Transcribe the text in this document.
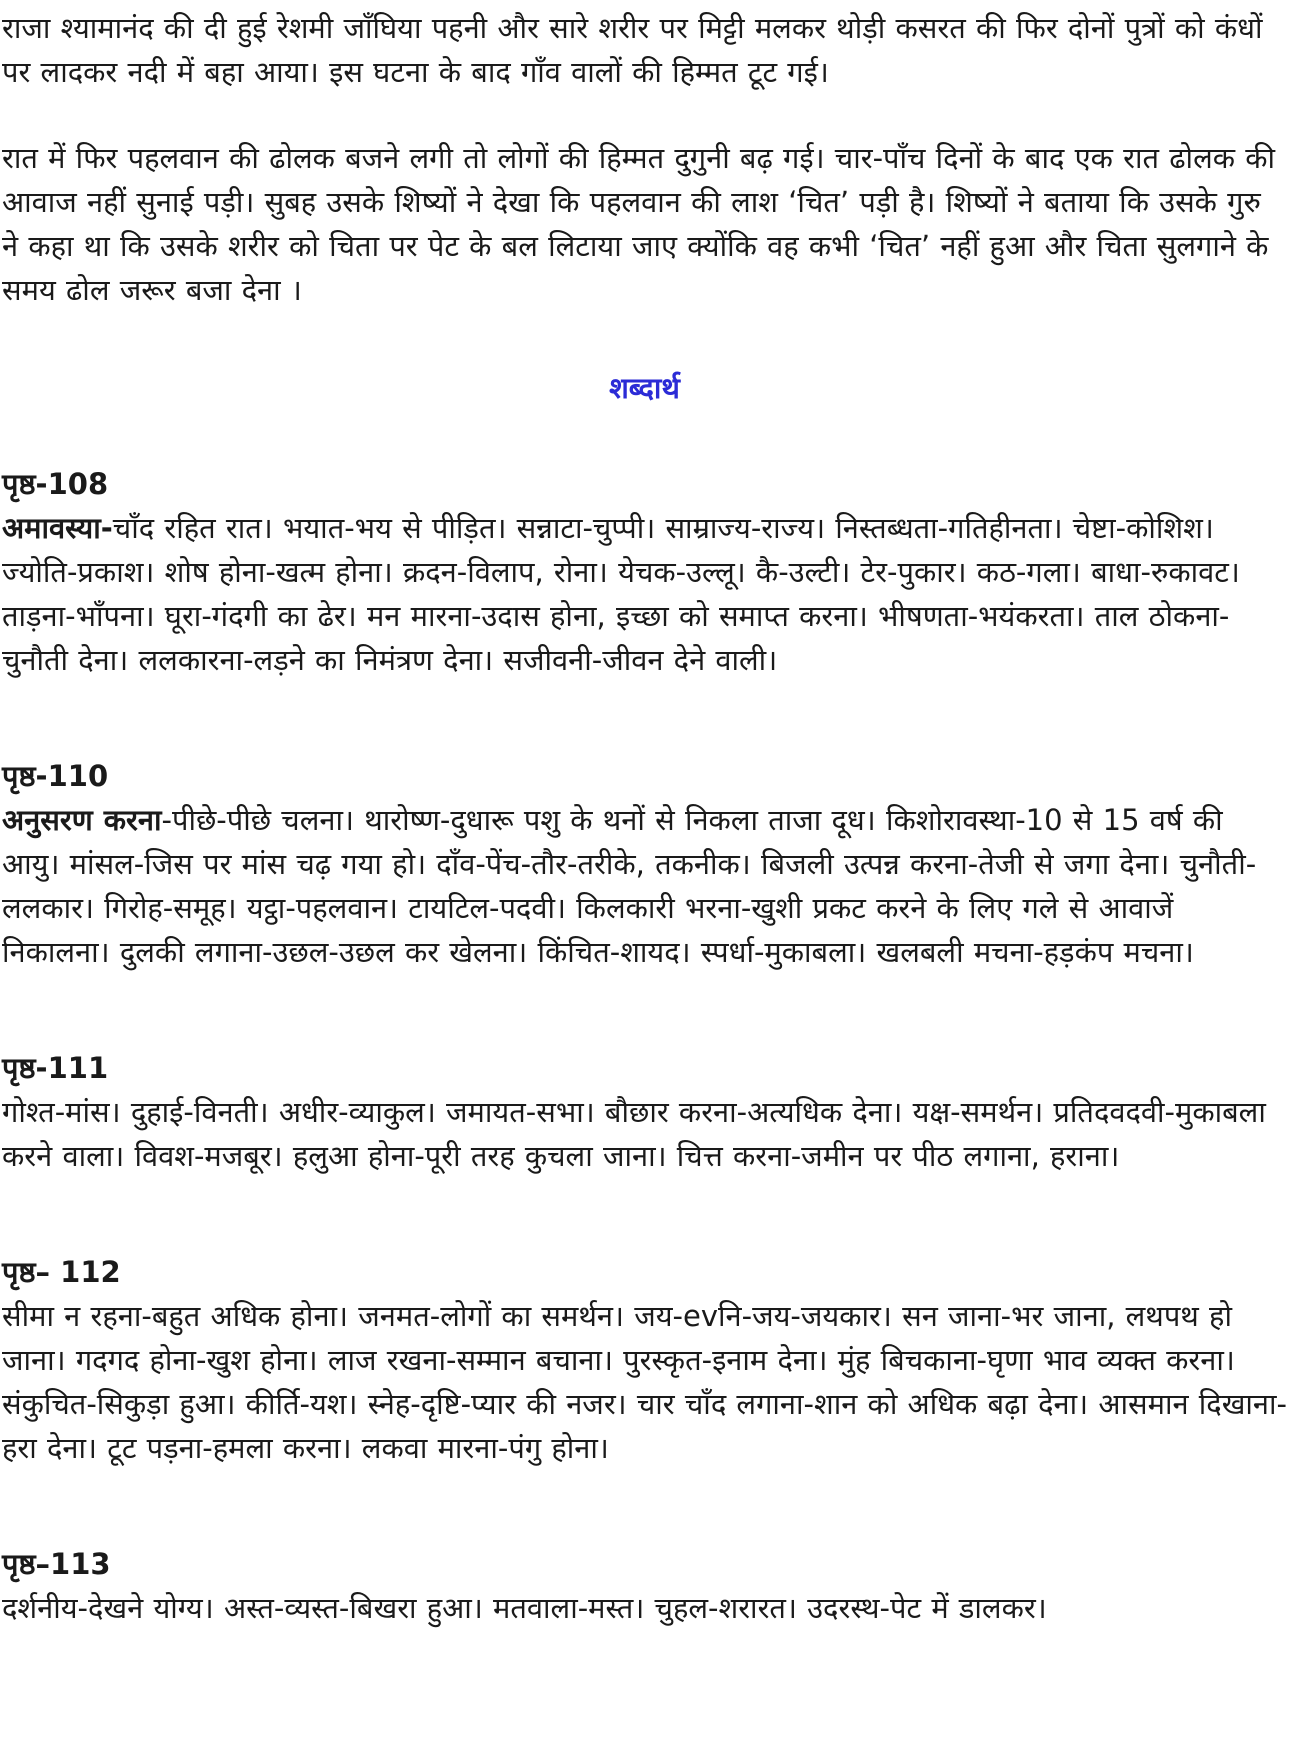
राजा श्यामानंद की दी हुई रेशमी जाँघिया पहनी और सारे शरीर पर मिट्टी मलकर थोड़ी कसरत की फिर दोनों पुत्रों को कंधों पर लादकर नदी में बहा आया। इस घटना के बाद गाँव वालों की हिम्मत टूट गई।

रात में फिर पहलवान की ढोलक बजने लगी तो लोगों की हिम्मत दुगुनी बढ़ गई। चार-पाँच दिनों के बाद एक रात ढोलक की आवाज नहीं सुनाई पड़ी। सुबह उसके शिष्यों ने देखा कि पहलवान की लाश ‘चित’ पड़ी है। शिष्यों ने बताया कि उसके गुरु ने कहा था कि उसके शरीर को चिता पर पेट के बल लिटाया जाए क्योंकि वह कभी ‘चित’ नहीं हुआ और चिता सुलगाने के समय ढोल जरूर बजा देना ।

शब्दार्थ

पृष्ठ-108

अमावस्या-चाँद रहित रात। भयात-भय से पीड़ित। सन्नाटा-चुप्पी। साम्राज्य-राज्य। निस्तब्धता-गतिहीनता। चेष्टा-कोशिश। ज्योति-प्रकाश। शोष होना-खत्म होना। क्रदन-विलाप, रोना। येचक-उल्लू। कै-उल्टी। टेर-पुकार। कठ-गला। बाधा-रुकावट। ताड़ना-भाँपना। घूरा-गंदगी का ढेर। मन मारना-उदास होना, इच्छा को समाप्त करना। भीषणता-भयंकरता। ताल ठोकना-चुनौती देना। ललकारना-लड़ने का निमंत्रण देना। सजीवनी-जीवन देने वाली।

पृष्ठ-110

अनुसरण करना-पीछे-पीछे चलना। थारोष्ण-दुधारू पशु के थनों से निकला ताजा दूध। किशोरावस्था-10 से 15 वर्ष की आयु। मांसल-जिस पर मांस चढ़ गया हो। दाँव-पेंच-तौर-तरीके, तकनीक। बिजली उत्पन्न करना-तेजी से जगा देना। चुनौती-ललकार। गिरोह-समूह। यट्ठा-पहलवान। टायटिल-पदवी। किलकारी भरना-खुशी प्रकट करने के लिए गले से आवाजें निकालना। दुलकी लगाना-उछल-उछल कर खेलना। किंचित-शायद। स्पर्धा-मुकाबला। खलबली मचना-हड़कंप मचना।

पृष्ठ-111

गोश्त-मांस। दुहाई-विनती। अधीर-व्याकुल। जमायत-सभा। बौछार करना-अत्यधिक देना। यक्ष-समर्थन। प्रतिदवदवी-मुकाबला करने वाला। विवश-मजबूर। हलुआ होना-पूरी तरह कुचला जाना। चित्त करना-जमीन पर पीठ लगाना, हराना।

पृष्ठ– 112

सीमा न रहना-बहुत अधिक होना। जनमत-लोगों का समर्थन। जय-evनि-जय-जयकार। सन जाना-भर जाना, लथपथ हो जाना। गदगद होना-खुश होना। लाज रखना-सम्मान बचाना। पुरस्कृत-इनाम देना। मुंह बिचकाना-घृणा भाव व्यक्त करना। संकुचित-सिकुड़ा हुआ। कीर्ति-यश। स्नेह-दृष्टि-प्यार की नजर। चार चाँद लगाना-शान को अधिक बढ़ा देना। आसमान दिखाना-हरा देना। टूट पड़ना-हमला करना। लकवा मारना-पंगु होना।

पृष्ठ–113

दर्शनीय-देखने योग्य। अस्त-व्यस्त-बिखरा हुआ। मतवाला-मस्त। चुहल-शरारत। उदरस्थ-पेट में डालकर।
